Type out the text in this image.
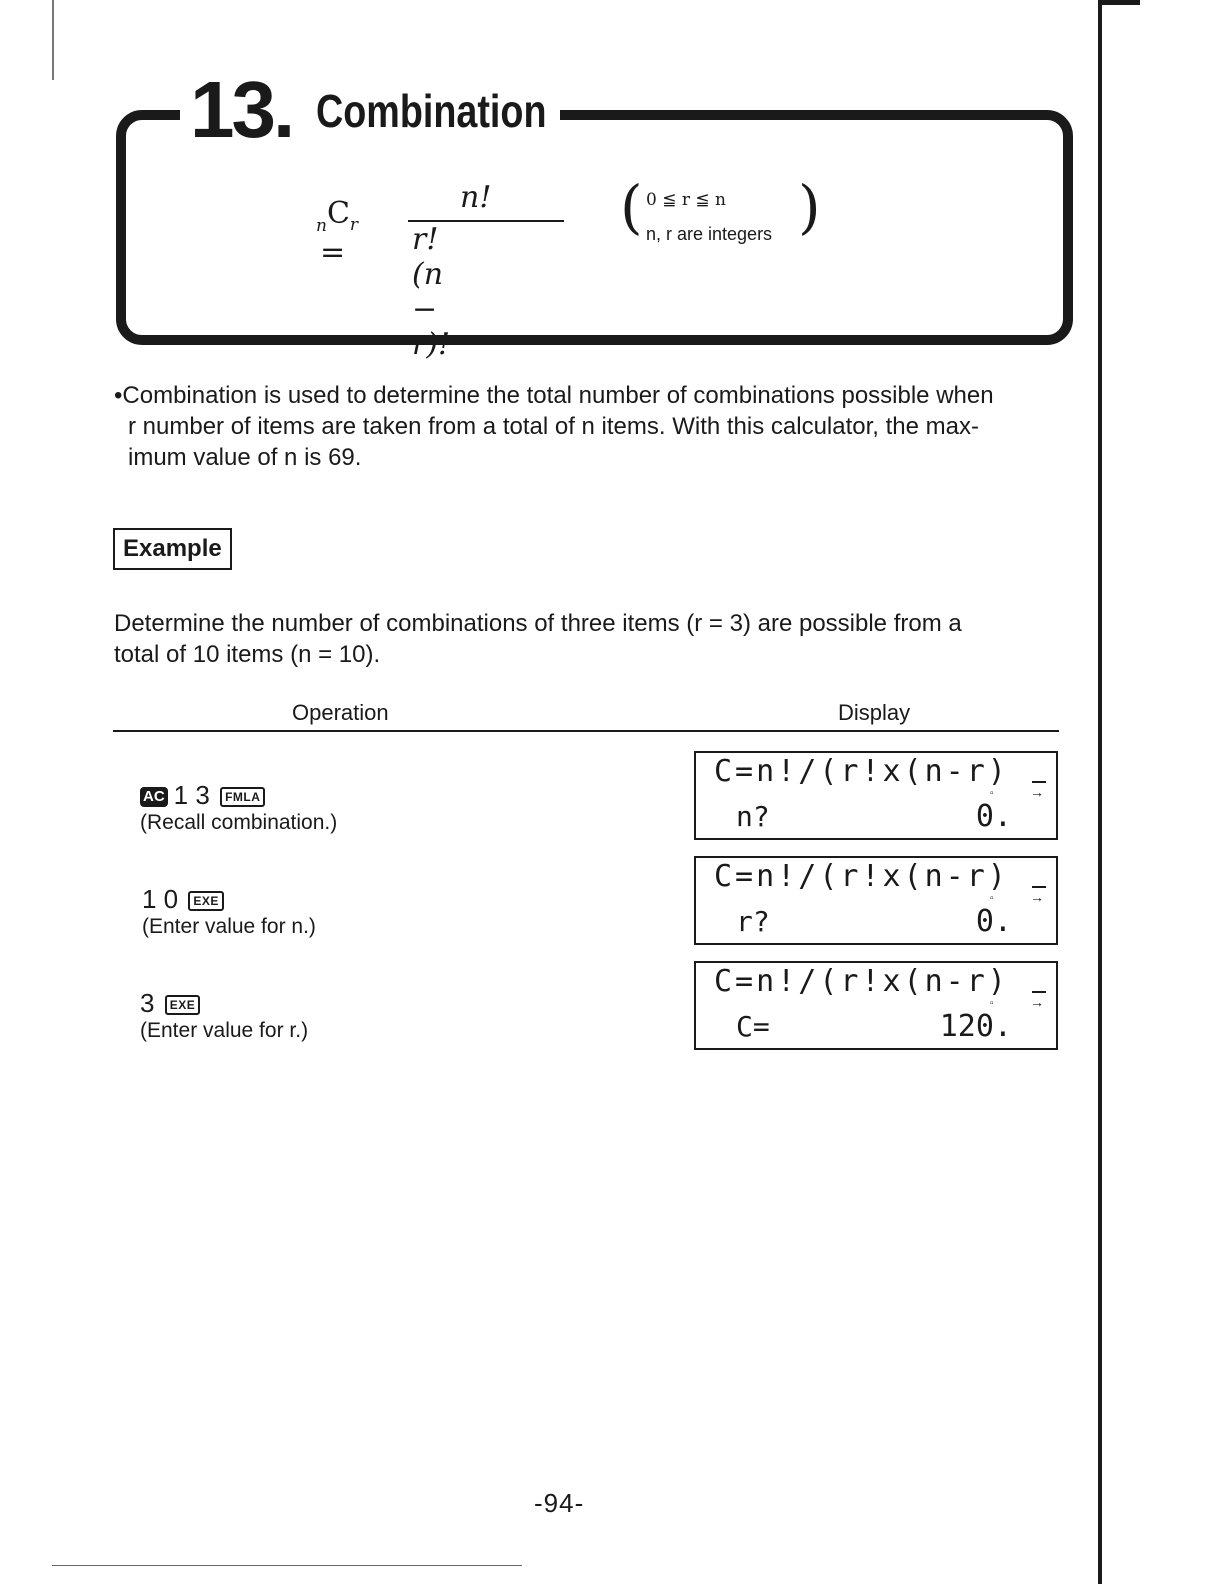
13. Combination
$_nC_r$ =
n!
r!(n − r)!
( 0 ≦ r ≦ n
n, r are integers )
•Combination is used to determine the total number of combinations possible when
r number of items are taken from a total of n items. With this calculator, the max-
imum value of n is 69.
Example
Determine the number of combinations of three items (r = 3) are possible from a
total of 10 items (n = 10).
Operation	Display
AC 1 3 FMLA
(Recall combination.)
C=n!/(r!x(n-r)
▫	→
n?	0.
1 0 EXE
(Enter value for n.)
C=n!/(r!x(n-r)
▫	→
r?	0.
3 EXE
(Enter value for r.)
C=n!/(r!x(n-r)
▫	→
C=	120.
-94-
